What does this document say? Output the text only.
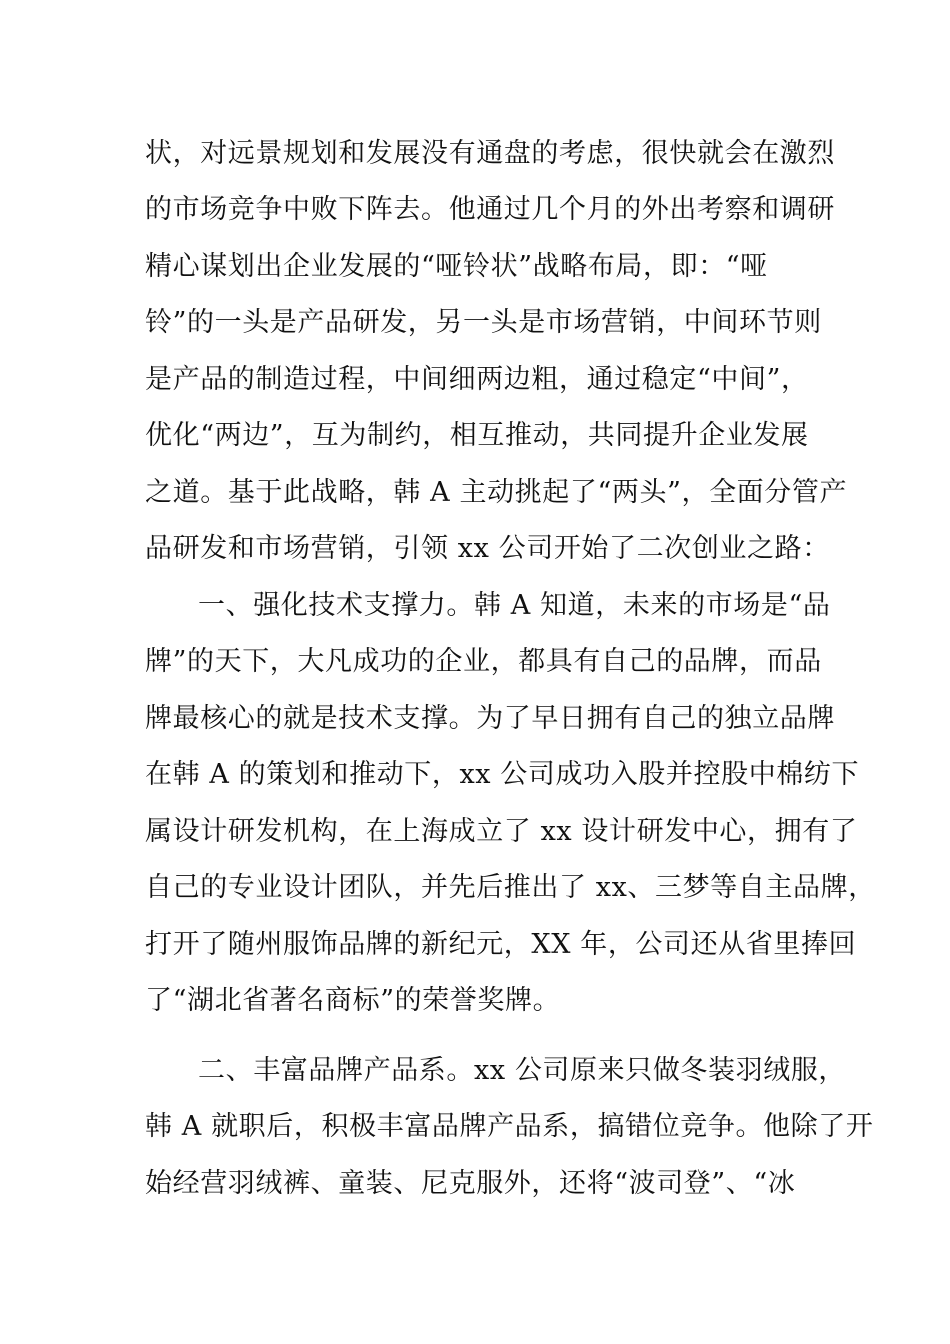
状，对远景规划和发展没有通盘的考虑，很快就会在激烈
的市场竞争中败下阵去。他通过几个月的外出考察和调研
精心谋划出企业发展的“哑铃状”战略布局，即：“哑
铃”的一头是产品研发，另一头是市场营销，中间环节则
是产品的制造过程，中间细两边粗，通过稳定“中间”，
优化“两边”，互为制约，相互推动，共同提升企业发展
之道。基于此战略，韩 A 主动挑起了“两头”，全面分管产
品研发和市场营销，引领 xx 公司开始了二次创业之路：
一、强化技术支撑力。韩 A 知道，未来的市场是“品
牌”的天下，大凡成功的企业，都具有自己的品牌，而品
牌最核心的就是技术支撑。为了早日拥有自己的独立品牌
在韩 A 的策划和推动下，xx 公司成功入股并控股中棉纺下
属设计研发机构，在上海成立了 xx 设计研发中心，拥有了
自己的专业设计团队，并先后推出了 xx、三梦等自主品牌，
打开了随州服饰品牌的新纪元，XX 年，公司还从省里捧回
了“湖北省著名商标”的荣誉奖牌。
二、丰富品牌产品系。xx 公司原来只做冬装羽绒服，
韩 A 就职后，积极丰富品牌产品系，搞错位竞争。他除了开
始经营羽绒裤、童装、尼克服外，还将“波司登”、“冰
